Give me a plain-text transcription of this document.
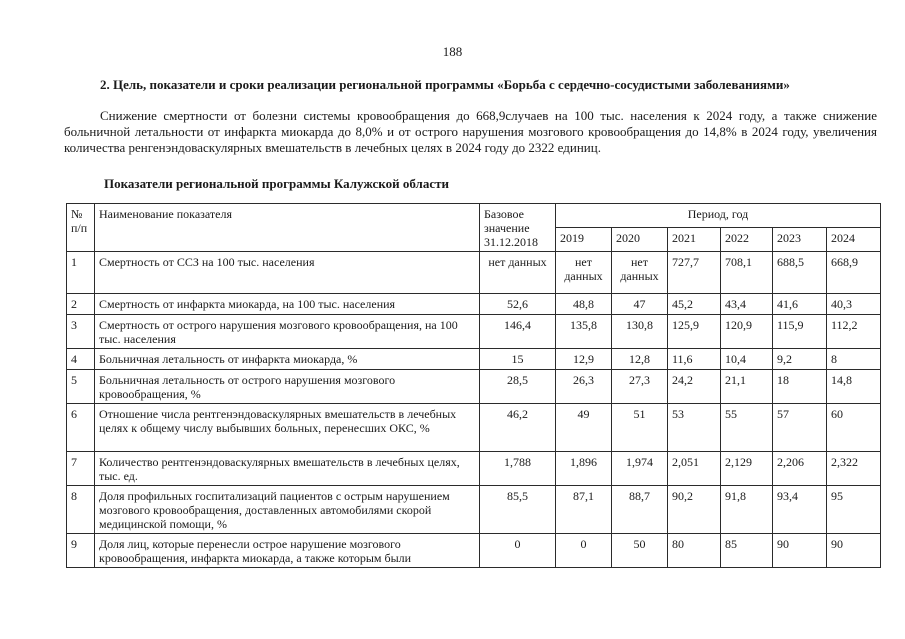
188
2. Цель, показатели и сроки реализации региональной программы «Борьба с сердечно-сосудистыми заболеваниями»

Снижение смертности от болезни системы кровообращения до 668,9случаев на 100 тыс. населения к 2024 году, а также снижение больничной летальности от инфаркта миокарда до 8,0% и от острого нарушения мозгового кровообращения до 14,8% в 2024 году, увеличения количества ренгенэндоваскулярных вмешательств в лечебных целях в 2024 году до 2322 единиц.

Показатели региональной программы Калужской области
№ п/п	Наименование показателя	Базовое значение 31.12.2018	Период, год					
			2019	2020	2021	2022	2023	2024
1	Смертность от ССЗ на 100 тыс. населения	нет данных	нет данных	нет данных	727,7	708,1	688,5	668,9
2	Смертность от инфаркта миокарда, на 100 тыс. населения	52,6	48,8	47	45,2	43,4	41,6	40,3
3	Смертность от острого нарушения мозгового кровообращения, на 100 тыс. населения	146,4	135,8	130,8	125,9	120,9	115,9	112,2
4	Больничная летальность от инфаркта миокарда, %	15	12,9	12,8	11,6	10,4	9,2	8
5	Больничная летальность от острого нарушения мозгового кровообращения, %	28,5	26,3	27,3	24,2	21,1	18	14,8
6	Отношение числа рентгенэндоваскулярных вмешательств в лечебных целях к общему числу выбывших больных, перенесших ОКС, %	46,2	49	51	53	55	57	60
7	Количество рентгенэндоваскулярных вмешательств в лечебных целях, тыс. ед.	1,788	1,896	1,974	2,051	2,129	2,206	2,322
8	Доля профильных госпитализаций пациентов с острым нарушением мозгового кровообращения, доставленных автомобилями скорой медицинской помощи, %	85,5	87,1	88,7	90,2	91,8	93,4	95
9	Доля лиц, которые перенесли острое нарушение мозгового кровообращения, инфаркта миокарда, а также которым были	0	0	50	80	85	90	90
